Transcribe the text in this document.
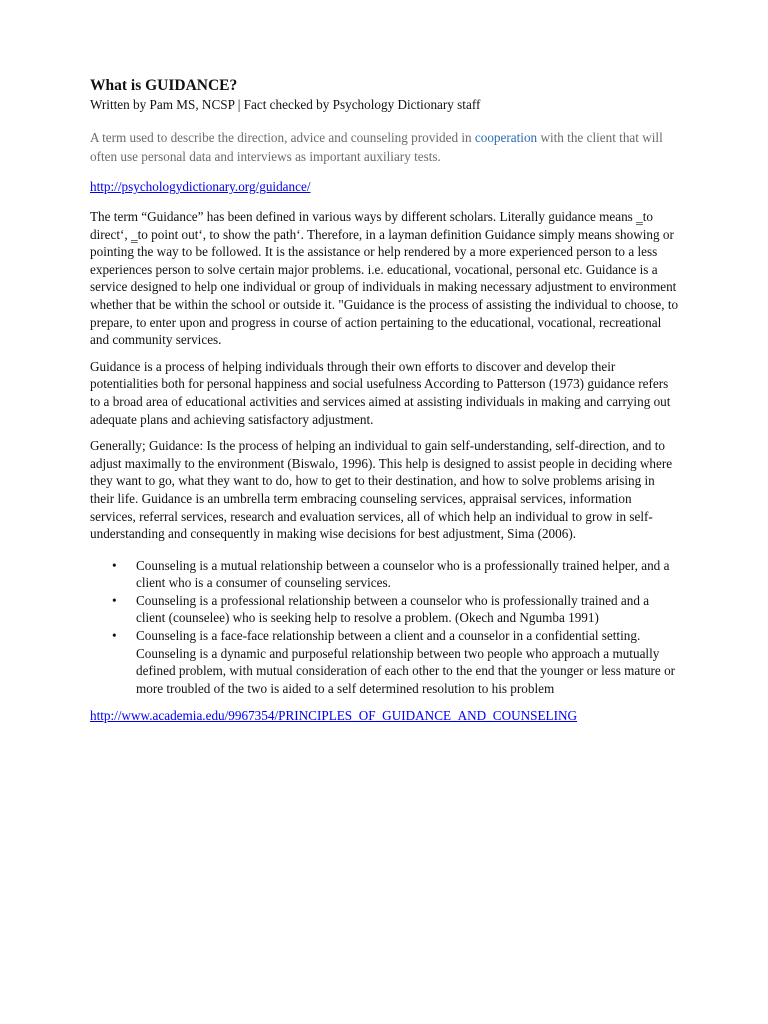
What is GUIDANCE?

Written by Pam MS, NCSP | Fact checked by Psychology Dictionary staff

A term used to describe the direction, advice and counseling provided in cooperation with the client that will often use personal data and interviews as important auxiliary tests.

http://psychologydictionary.org/guidance/

The term “Guidance” has been defined in various ways by different scholars. Literally guidance means ‗to direct‘, ‗to point out‘, to show the path‘. Therefore, in a layman definition Guidance simply means showing or pointing the way to be followed. It is the assistance or help rendered by a more experienced person to a less experiences person to solve certain major problems. i.e. educational, vocational, personal etc. Guidance is a service designed to help one individual or group of individuals in making necessary adjustment to environment whether that be within the school or outside it. "Guidance is the process of assisting the individual to choose, to prepare, to enter upon and progress in course of action pertaining to the educational, vocational, recreational and community services.

Guidance is a process of helping individuals through their own efforts to discover and develop their potentialities both for personal happiness and social usefulness According to Patterson (1973) guidance refers to a broad area of educational activities and services aimed at assisting individuals in making and carrying out adequate plans and achieving satisfactory adjustment.

Generally; Guidance: Is the process of helping an individual to gain self-understanding, self-direction, and to adjust maximally to the environment (Biswalo, 1996). This help is designed to assist people in deciding where they want to go, what they want to do, how to get to their destination, and how to solve problems arising in their life. Guidance is an umbrella term embracing counseling services, appraisal services, information services, referral services, research and evaluation services, all of which help an individual to grow in self-understanding and consequently in making wise decisions for best adjustment, Sima (2006).

• Counseling is a mutual relationship between a counselor who is a professionally trained helper, and a client who is a consumer of counseling services.
• Counseling is a professional relationship between a counselor who is professionally trained and a client (counselee) who is seeking help to resolve a problem. (Okech and Ngumba 1991)
• Counseling is a face-face relationship between a client and a counselor in a confidential setting. Counseling is a dynamic and purposeful relationship between two people who approach a mutually defined problem, with mutual consideration of each other to the end that the younger or less mature or more troubled of the two is aided to a self determined resolution to his problem
http://www.academia.edu/9967354/PRINCIPLES_OF_GUIDANCE_AND_COUNSELING
